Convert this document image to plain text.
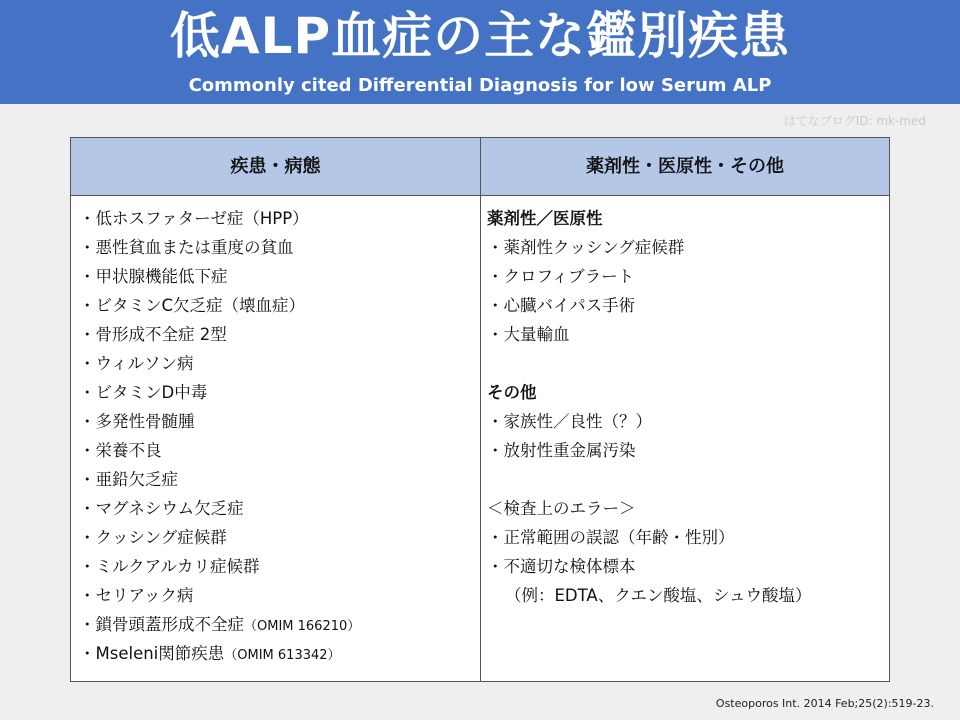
低ALP血症の主な鑑別疾患
Commonly cited Differential Diagnosis for low Serum ALP
はてなブログID: mk-med
疾患・病態	薬剤性・医原性・その他
・低ホスファターゼ症（HPP）
・悪性貧血または重度の貧血
・甲状腺機能低下症
・ビタミンC欠乏症（壊血症）
・骨形成不全症 2型
・ウィルソン病
・ビタミンD中毒
・多発性骨髄腫
・栄養不良
・亜鉛欠乏症
・マグネシウム欠乏症
・クッシング症候群
・ミルクアルカリ症候群
・セリアック病
・鎖骨頭蓋形成不全症（OMIM 166210）
・Mseleni関節疾患（OMIM 613342）
薬剤性／医原性
・薬剤性クッシング症候群
・クロフィブラート
・心臓バイパス手術
・大量輸血
その他
・家族性／良性（？）
・放射性重金属汚染
＜検査上のエラー＞
・正常範囲の誤認（年齢・性別）
・不適切な検体標本
（例：EDTA、クエン酸塩、シュウ酸塩）
Osteoporos Int. 2014 Feb;25(2):519-23.
